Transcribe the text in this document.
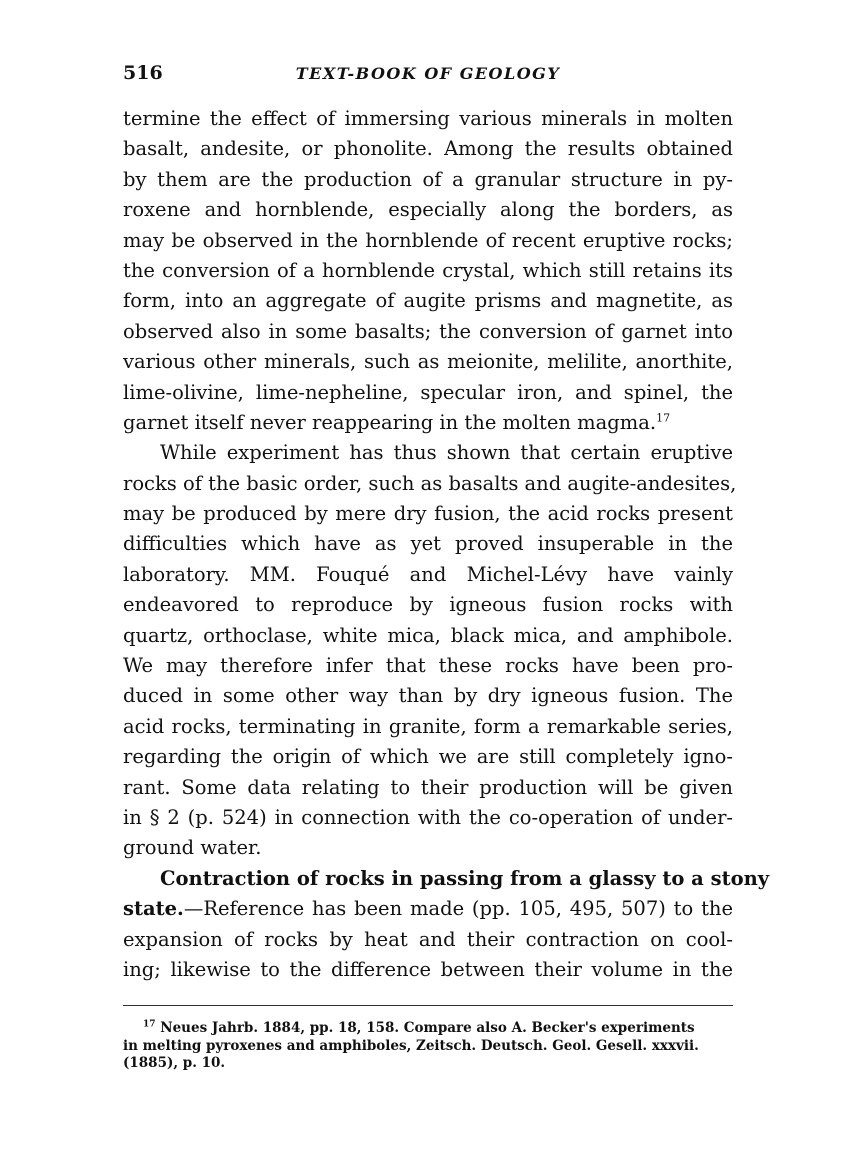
516	TEXT-BOOK OF GEOLOGY
termine the effect of immersing various minerals in molten
basalt, andesite, or phonolite. Among the results obtained
by them are the production of a granular structure in py-
roxene and hornblende, especially along the borders, as
may be observed in the hornblende of recent eruptive rocks;
the conversion of a hornblende crystal, which still retains its
form, into an aggregate of augite prisms and magnetite, as
observed also in some basalts; the conversion of garnet into
various other minerals, such as meionite, melilite, anorthite,
lime-olivine, lime-nepheline, specular iron, and spinel, the
garnet itself never reappearing in the molten magma.$^{17}$
While experiment has thus shown that certain eruptive
rocks of the basic order, such as basalts and augite-andesites,
may be produced by mere dry fusion, the acid rocks present
difficulties which have as yet proved insuperable in the
laboratory. MM. Fouqué and Michel-Lévy have vainly
endeavored to reproduce by igneous fusion rocks with
quartz, orthoclase, white mica, black mica, and amphibole.
We may therefore infer that these rocks have been pro-
duced in some other way than by dry igneous fusion. The
acid rocks, terminating in granite, form a remarkable series,
regarding the origin of which we are still completely igno-
rant. Some data relating to their production will be given
in § 2 (p. 524) in connection with the co-operation of under-
ground water.
Contraction of rocks in passing from a glassy to a stony
state.—Reference has been made (pp. 105, 495, 507) to the
expansion of rocks by heat and their contraction on cool-
ing; likewise to the difference between their volume in the
$^{17}$ Neues Jahrb. 1884, pp. 18, 158. Compare also A. Becker's experiments
in melting pyroxenes and amphiboles, Zeitsch. Deutsch. Geol. Gesell. xxxvii.
(1885), p. 10.
